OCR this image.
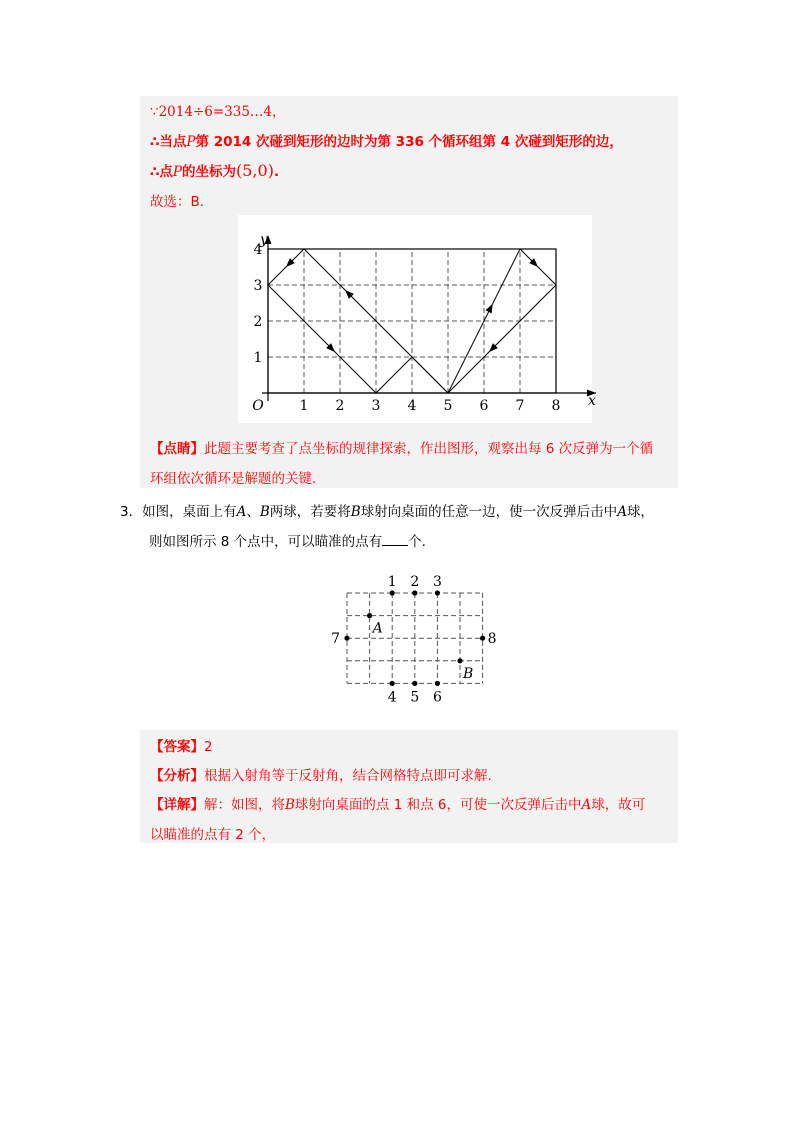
∵2014÷6=335…4，
∴当点P第 2014 次碰到矩形的边时为第 336 个循环组第 4 次碰到矩形的边，
∴点P的坐标为(5,0).
故选：B.
1 2 3 4 5 6 7 8
1
2
3
4
O	x
y
【点睛】此题主要考查了点坐标的规律探索，作出图形，观察出每 6 次反弹为一个循
环组依次循环是解题的关键.
3．如图，桌面上有A、B两球，若要将B球射向桌面的任意一边，使一次反弹后击中A球，
则如图所示 8 个点中，可以瞄准的点有 个.
1 2 3
4 5 6
7	8
A
B
【答案】2
【分析】根据入射角等于反射角，结合网格特点即可求解.
【详解】解：如图，将B球射向桌面的点 1 和点 6，可使一次反弹后击中A球，故可
以瞄准的点有 2 个，
